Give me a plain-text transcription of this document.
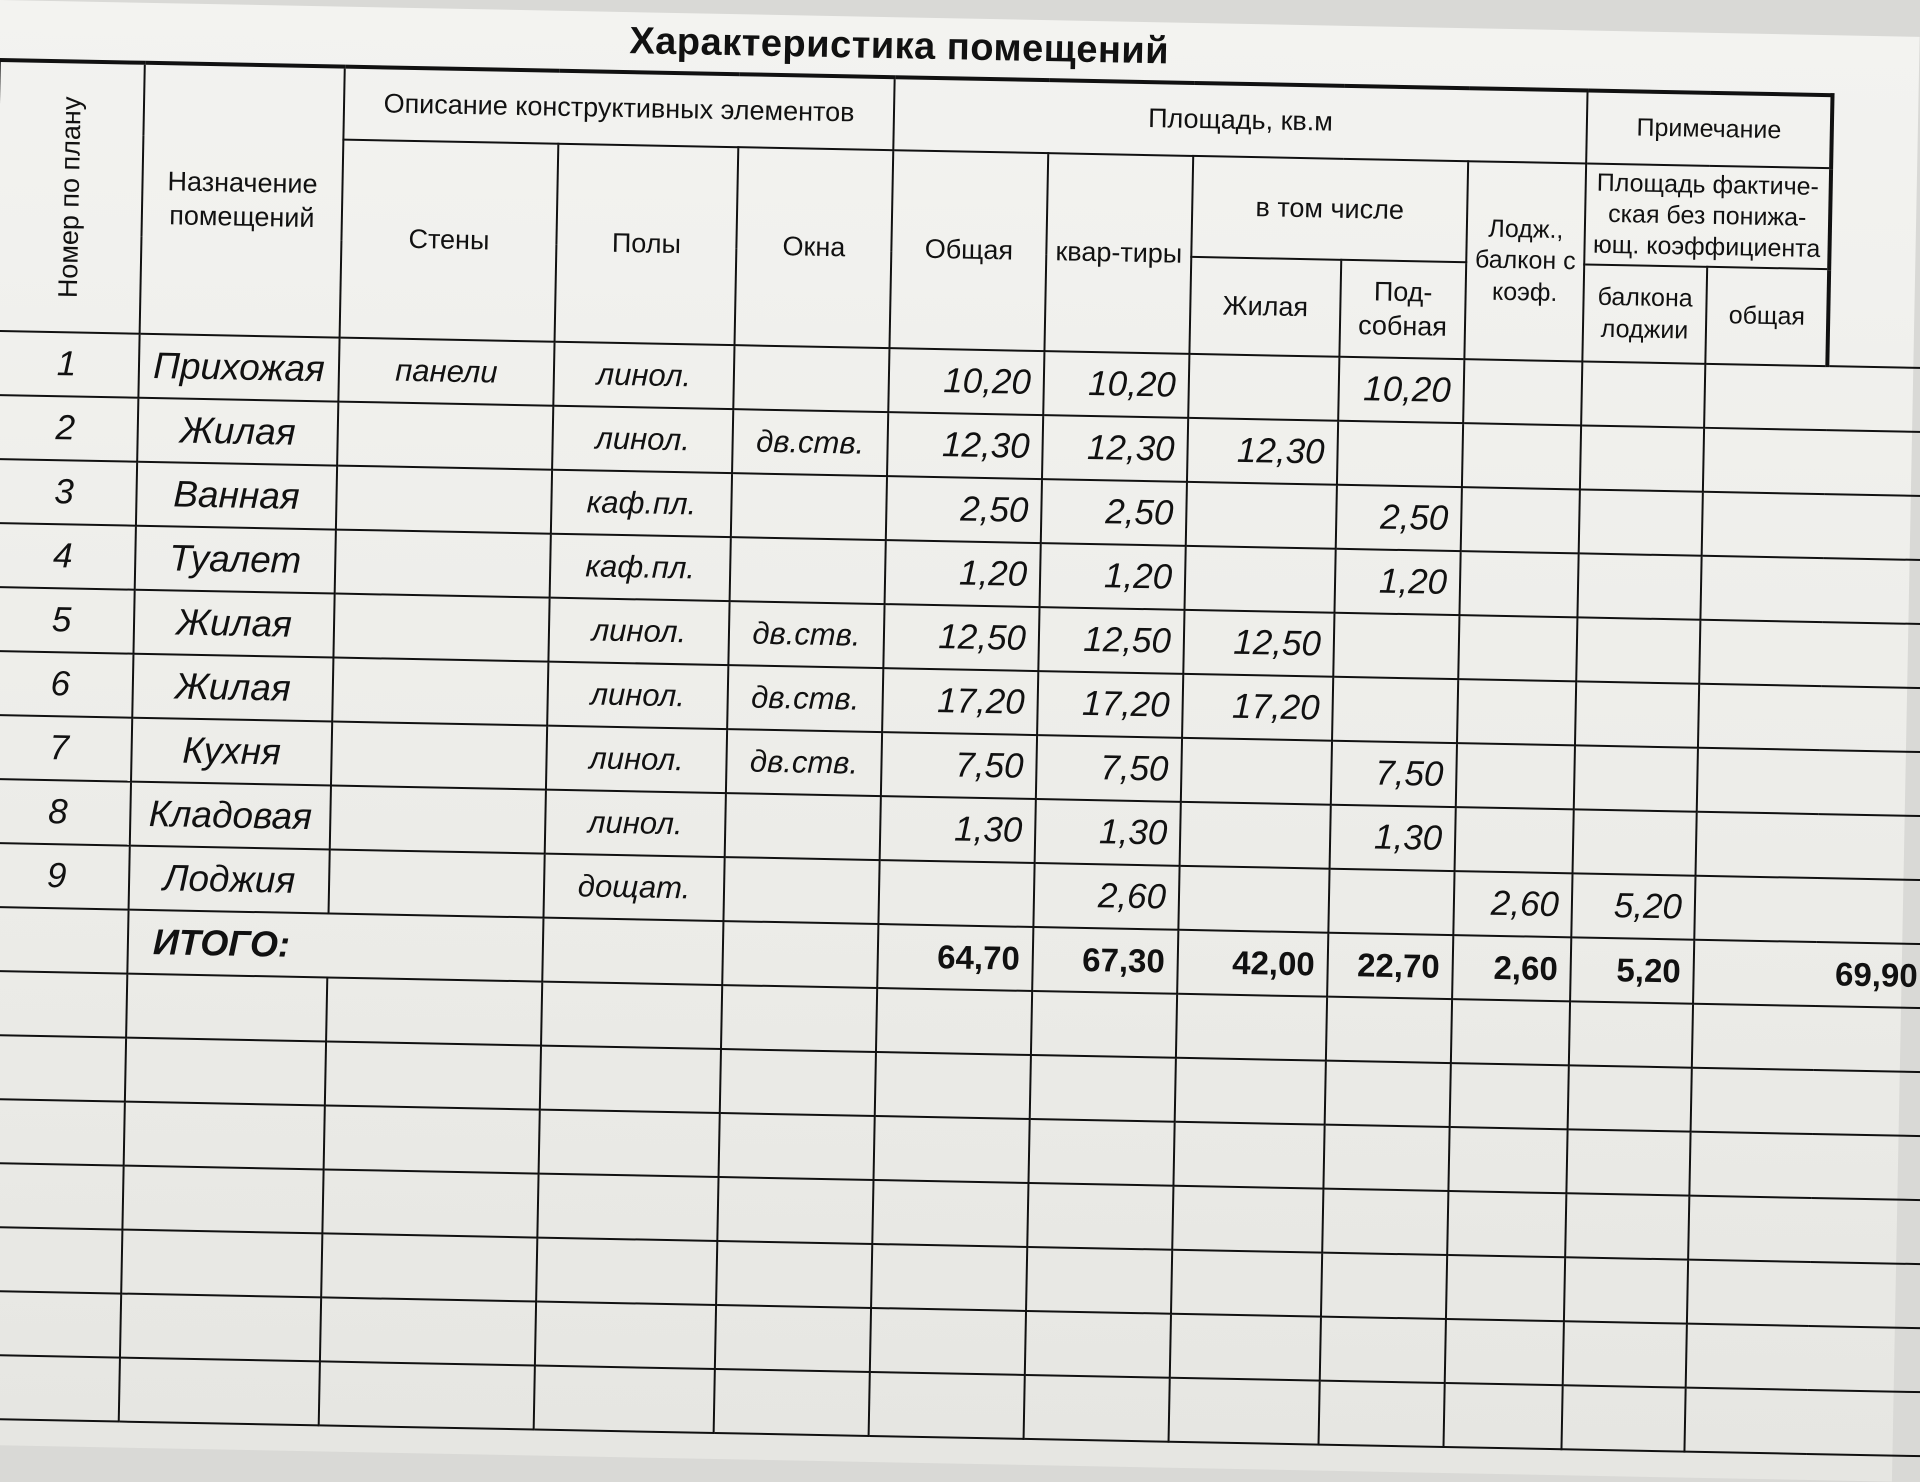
Характеристика помещений
Номер по плану	Назначение помещений	Описание конструктивных элементов			Площадь, кв.м					Примечание	
		Стены	Полы	Окна	Общая	квар-тиры	в том числе		Лодж., балкон с коэф.	Площадь фактиче-ская без понижа-ющ. коэффициента	
							Жилая	Под-собная		балкона лоджии	общая
1	Прихожая	панели	линол.		10,20	10,20		10,20			
2	Жилая		линол.	дв.ств.	12,30	12,30	12,30				
3	Ванная		каф.пл.		2,50	2,50		2,50			
4	Туалет		каф.пл.		1,20	1,20		1,20			
5	Жилая		линол.	дв.ств.	12,50	12,50	12,50				
6	Жилая		линол.	дв.ств.	17,20	17,20	17,20				
7	Кухня		линол.	дв.ств.	7,50	7,50		7,50			
8	Кладовая		линол.		1,30	1,30		1,30			
9	Лоджия		дощат.			2,60			2,60	5,20	
	ИТОГО:				64,70	67,30	42,00	22,70	2,60	5,20	69,90
